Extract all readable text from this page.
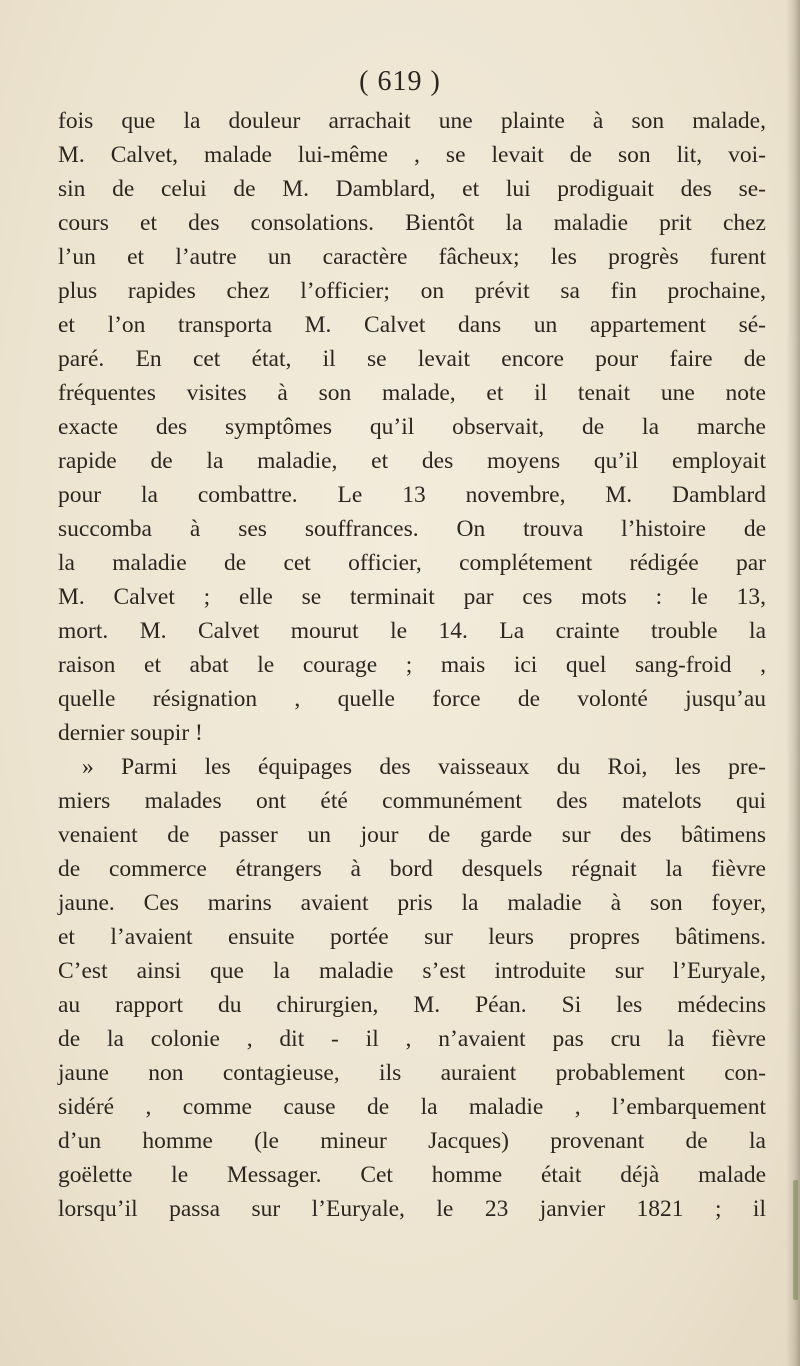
( 619 )
fois que la douleur arrachait une plainte à son malade,
M. Calvet, malade lui-même , se levait de son lit, voi-
sin de celui de M. Damblard, et lui prodiguait des se-
cours et des consolations. Bientôt la maladie prit chez
l’un et l’autre un caractère fâcheux; les progrès furent
plus rapides chez l’officier; on prévit sa fin prochaine,
et l’on transporta M. Calvet dans un appartement sé-
paré. En cet état, il se levait encore pour faire de
fréquentes visites à son malade, et il tenait une note
exacte des symptômes qu’il observait, de la marche
rapide de la maladie, et des moyens qu’il employait
pour la combattre. Le 13 novembre, M. Damblard
succomba à ses souffrances. On trouva l’histoire de
la maladie de cet officier, complétement rédigée par
M. Calvet ; elle se terminait par ces mots : le 13,
mort. M. Calvet mourut le 14. La crainte trouble la
raison et abat le courage ; mais ici quel sang-froid ,
quelle résignation , quelle force de volonté jusqu’au
dernier soupir !
» Parmi les équipages des vaisseaux du Roi, les pre-
miers malades ont été communément des matelots qui
venaient de passer un jour de garde sur des bâtimens
de commerce étrangers à bord desquels régnait la fièvre
jaune. Ces marins avaient pris la maladie à son foyer,
et l’avaient ensuite portée sur leurs propres bâtimens.
C’est ainsi que la maladie s’est introduite sur l’Euryale,
au rapport du chirurgien, M. Péan. Si les médecins
de la colonie , dit - il , n’avaient pas cru la fièvre
jaune non contagieuse, ils auraient probablement con-
sidéré , comme cause de la maladie , l’embarquement
d’un homme (le mineur Jacques) provenant de la
goëlette le Messager. Cet homme était déjà malade
lorsqu’il passa sur l’Euryale, le 23 janvier 1821 ; il
